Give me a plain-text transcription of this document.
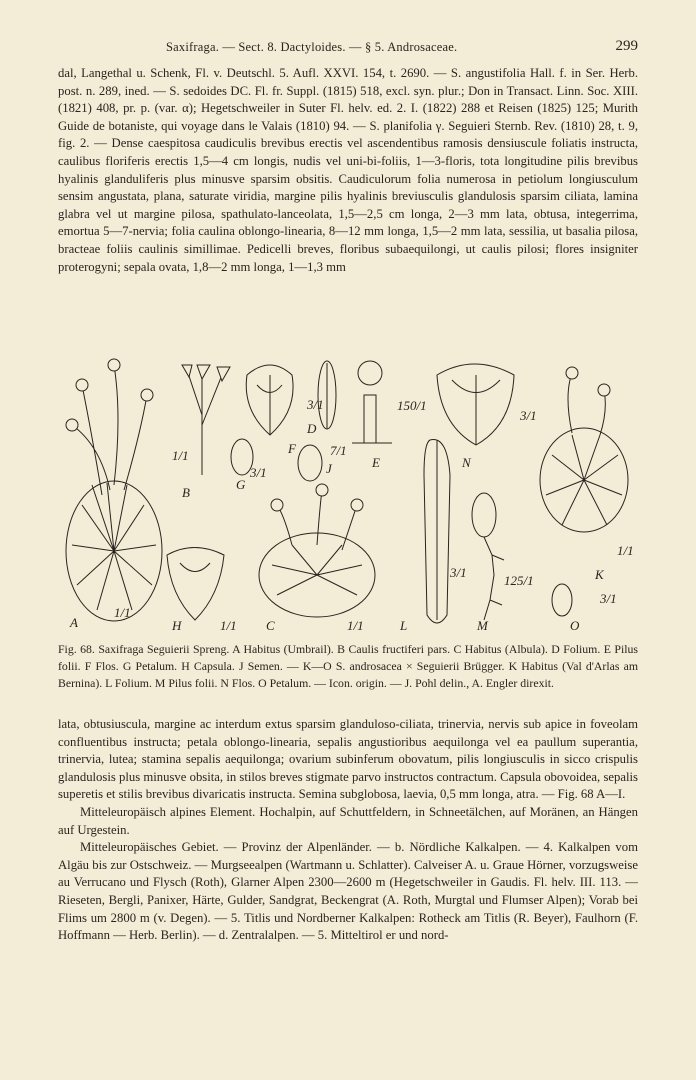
Saxifraga. — Sect. 8. Dactyloides. — § 5. Androsaceae.	299

dal, Langethal u. Schenk, Fl. v. Deutschl. 5. Aufl. XXVI. 154, t. 2690. — S. angustifolia Hall. f. in Ser. Herb. post. n. 289, ined. — S. sedoides DC. Fl. fr. Suppl. (1815) 518, excl. syn. plur.; Don in Transact. Linn. Soc. XIII. (1821) 408, pr. p. (var. α); Hegetschweiler in Suter Fl. helv. ed. 2. I. (1822) 288 et Reisen (1825) 125; Murith Guide de botaniste, qui voyage dans le Valais (1810) 94. — S. planifolia γ. Seguieri Sternb. Rev. (1810) 28, t. 9, fig. 2. — Dense caespitosa caudiculis brevibus erectis vel ascendentibus ramosis densiuscule foliatis instructa, caulibus floriferis erectis 1,5—4 cm longis, nudis vel uni-bi-foliis, 1—3-floris, tota longitudine pilis brevibus hyalinis glanduliferis plus minusve sparsim obsitis. Caudiculorum folia numerosa in petiolum longiusculum sensim angustata, plana, saturate viridia, margine pilis hyalinis breviusculis glandulosis sparsim ciliata, lamina glabra vel ut margine pilosa, spathulato-lanceolata, 1,5—2,5 cm longa, 2—3 mm lata, obtusa, integerrima, emortua 5—7-nervia; folia caulina oblongo-linearia, 8—12 mm longa, 1,5—2 mm lata, sessilia, ut basalia pilosa, bracteae foliis caulinis simillimae. Pedicelli breves, floribus subaequilongi, ut caulis pilosi; flores insigniter proterogyni; sepala ovata, 1,8—2 mm longa, 1—1,3 mm

A
B
C
D
E
F
G
H
J
K
L	M
N
O
1/1
3/1
1/1
150/1
7/1
3/1
3/1
125/1
1/1
3/1
1/1
1/1
3/1

Fig. 68. Saxifraga Seguierii Spreng. A Habitus (Umbrail). B Caulis fructiferi pars. C Habitus (Albula). D Folium. E Pilus folii. F Flos. G Petalum. H Capsula. J Semen. — K—O S. androsacea × Seguierii Brügger. K Habitus (Val d'Arlas am Bernina). L Folium. M Pilus folii. N Flos. O Petalum. — Icon. origin. — J. Pohl delin., A. Engler direxit.

lata, obtusiuscula, margine ac interdum extus sparsim glanduloso-ciliata, trinervia, nervis sub apice in foveolam confluentibus instructa; petala oblongo-linearia, sepalis angustioribus aequilonga vel ea paullum superantia, trinervia, lutea; stamina sepalis aequilonga; ovarium subinferum obovatum, pilis longiusculis in sicco crispulis glandulosis plus minusve obsita, in stilos breves stigmate parvo instructos contractum. Capsula obovoidea, sepalis superetis et stilis brevibus divaricatis instructa. Semina subglobosa, laevia, 0,5 mm longa, atra. — Fig. 68 A—I.

Mitteleuropäisch alpines Element. Hochalpin, auf Schuttfeldern, in Schneetälchen, auf Moränen, an Hängen auf Urgestein.

Mitteleuropäisches Gebiet. — Provinz der Alpenländer. — b. Nördliche Kalkalpen. — 4. Kalkalpen vom Algäu bis zur Ostschweiz. — Murgseealpen (Wartmann u. Schlatter). Calveiser A. u. Graue Hörner, vorzugsweise au Verrucano und Flysch (Roth), Glarner Alpen 2300—2600 m (Hegetschweiler in Gaudis. Fl. helv. III. 113. — Rieseten, Bergli, Panixer, Härte, Gulder, Sandgrat, Beckengrat (A. Roth, Murgtal und Flumser Alpen); Vorab bei Flims um 2800 m (v. Degen). — 5. Titlis und Nordberner Kalkalpen: Rotheck am Titlis (R. Beyer), Faulhorn (F. Hoffmann — Herb. Berlin). — d. Zentralalpen. — 5. Mitteltirol er und nord-
